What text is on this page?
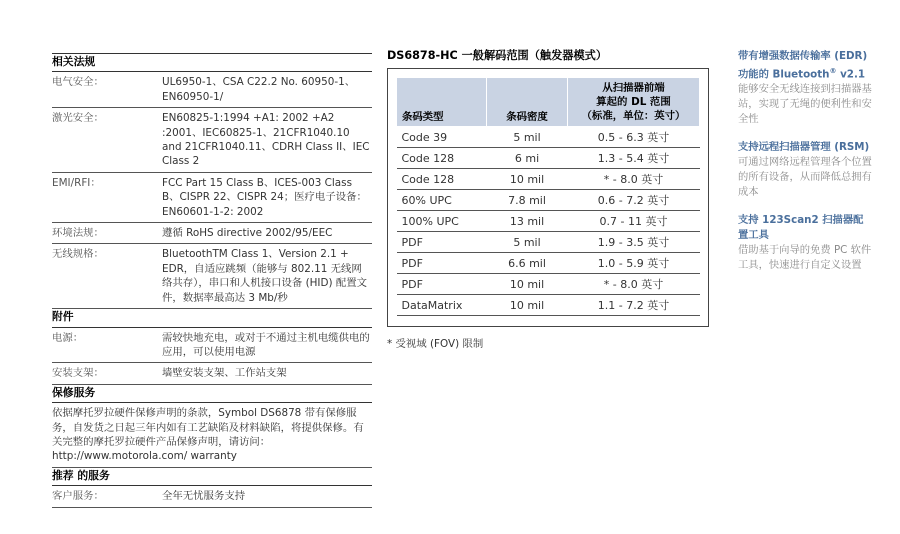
相关法规
电气安全：	UL6950-1、CSA C22.2 No. 60950-1、EN60950-1/
激光安全：	EN60825-1:1994 +A1: 2002 +A2 :2001、IEC60825-1、21CFR1040.10 and 21CFR1040.11、CDRH Class II、IEC Class 2
EMI/RFI：	FCC Part 15 Class B、ICES-003 Class B、CISPR 22、CISPR 24；医疗电子设备：EN60601-1-2: 2002
环境法规：	遵循 RoHS directive 2002/95/EEC
无线规格：	BluetoothTM Class 1、Version 2.1 + EDR，自适应跳频（能够与 802.11 无线网络共存），串口和人机接口设备 (HID) 配置文件，数据率最高达 3 Mb/秒
附件
电源：	需较快地充电，或对于不通过主机电缆供电的应用，可以使用电源
安装支架：	墙壁安装支架、工作站支架
保修服务
依据摩托罗拉硬件保修声明的条款，Symbol DS6878 带有保修服务，自发货之日起三年内如有工艺缺陷及材料缺陷，将提供保修。有关完整的摩托罗拉硬件产品保修声明，请访问：http://www.motorola.com/ warranty
推荐 的服务
客户服务：	全年无忧服务支持
DS6878-HC 一般解码范围（触发器模式）
条码类型	条码密度	从扫描器前端
算起的 DL 范围
（标准，单位：英寸）
Code 39	5 mil	0.5 - 6.3 英寸
Code 128	6 mi	1.3 - 5.4 英寸
Code 128	10 mil	* - 8.0 英寸
60% UPC	7.8 mil	0.6 - 7.2 英寸
100% UPC	13 mil	0.7 - 11 英寸
PDF	5 mil	1.9 - 3.5 英寸
PDF	6.6 mil	1.0 - 5.9 英寸
PDF	10 mil	* - 8.0 英寸
DataMatrix	10 mil	1.1 - 7.2 英寸
* 受视域 (FOV) 限制
带有增强数据传输率 (EDR) 功能的 Bluetooth® v2.1
能够安全无线连接到扫描器基站，实现了无绳的便利性和安全性
支持远程扫描器管理 (RSM)
可通过网络远程管理各个位置的所有设备，从而降低总拥有成本
支持 123Scan2 扫描器配置工具
借助基于向导的免费 PC 软件工具，快速进行自定义设置
